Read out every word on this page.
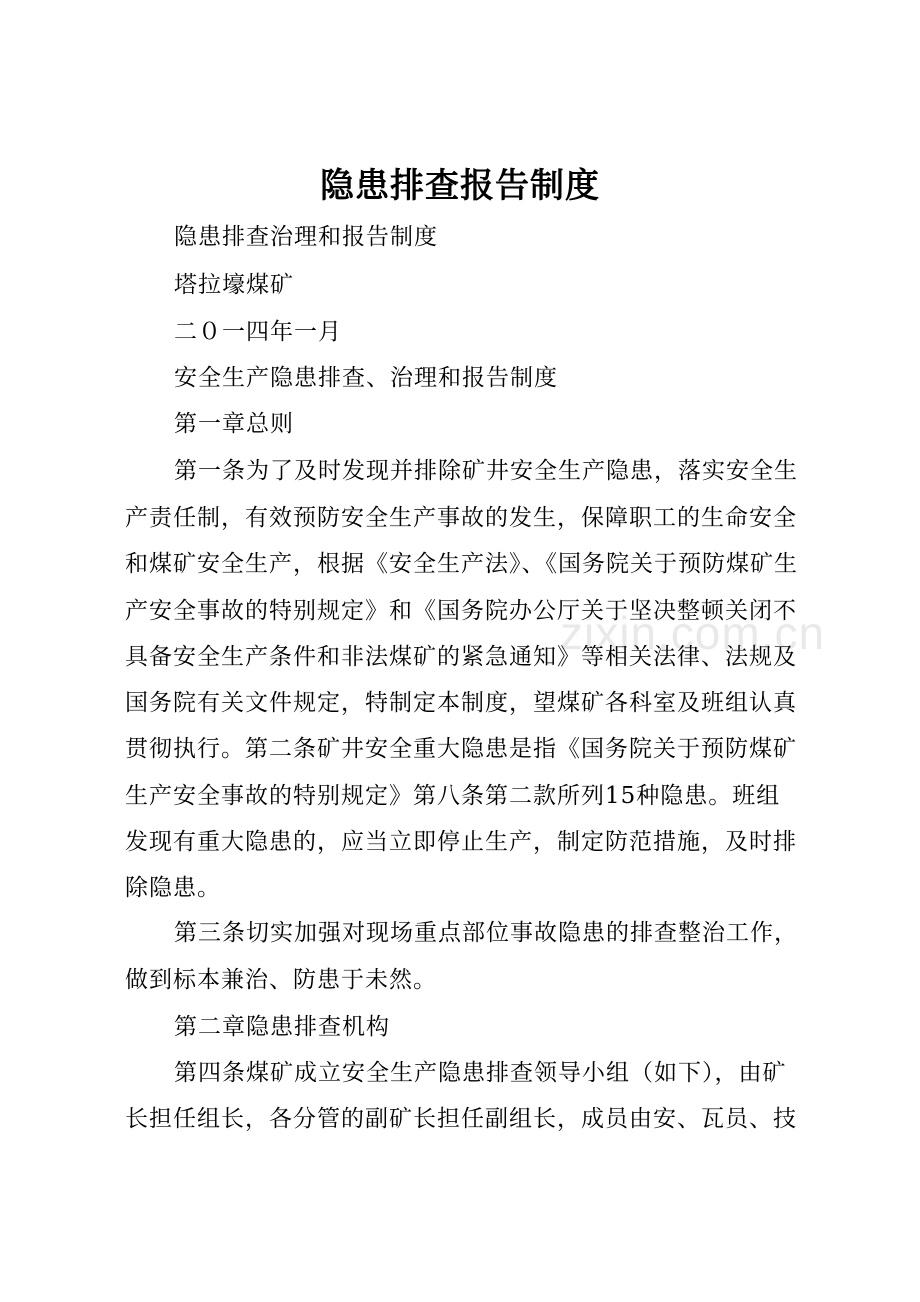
zixin.com.cn
隐患排查报告制度
隐患排查治理和报告制度
塔拉壕煤矿
二０一四年一月
安全生产隐患排查、治理和报告制度
第一章总则
第一条为了及时发现并排除矿井安全生产隐患，落实安全生
产责任制，有效预防安全生产事故的发生，保障职工的生命安全
和煤矿安全生产，根据《安全生产法》、《国务院关于预防煤矿生
产安全事故的特别规定》和《国务院办公厅关于坚决整顿关闭不
具备安全生产条件和非法煤矿的紧急通知》等相关法律、法规及
国务院有关文件规定，特制定本制度，望煤矿各科室及班组认真
贯彻执行。第二条矿井安全重大隐患是指《国务院关于预防煤矿
生产安全事故的特别规定》第八条第二款所列15种隐患。班组
发现有重大隐患的，应当立即停止生产，制定防范措施，及时排
除隐患。
第三条切实加强对现场重点部位事故隐患的排查整治工作，
做到标本兼治、防患于未然。
第二章隐患排查机构
第四条煤矿成立安全生产隐患排查领导小组（如下），由矿
长担任组长，各分管的副矿长担任副组长，成员由安、瓦员、技
